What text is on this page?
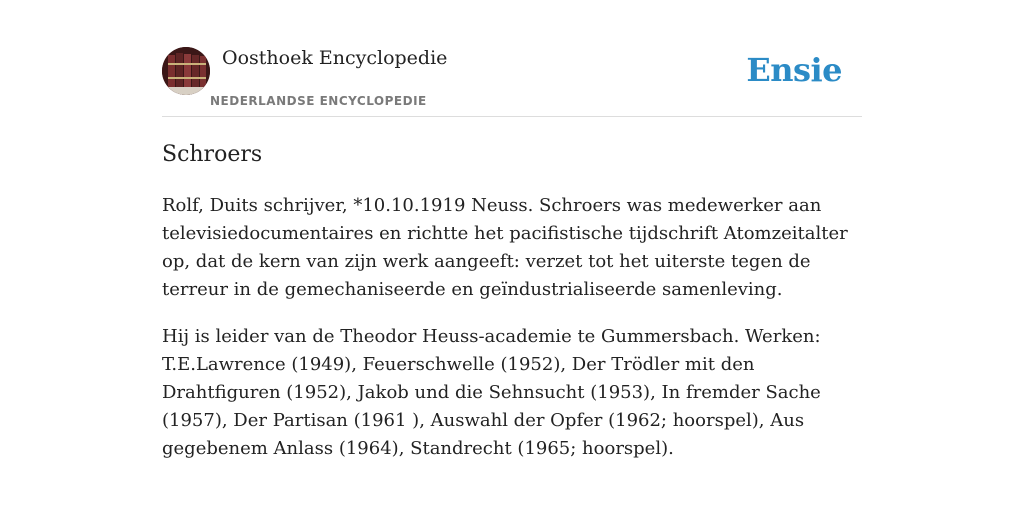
Oosthoek Encyclopedie
NEDERLANDSE ENCYCLOPEDIE
Ensie
Schroers

Rolf, Duits schrijver, *10.10.1919 Neuss. Schroers was medewerker aan televisiedocumentaires en richtte het pacifistische tijdschrift Atomzeitalter op, dat de kern van zijn werk aangeeft: verzet tot het uiterste tegen de terreur in de gemechaniseerde en geïndustrialiseerde samenleving.

Hij is leider van de Theodor Heuss-academie te Gummersbach. Werken: T.E.Lawrence (1949), Feuerschwelle (1952), Der Trödler mit den Drahtfiguren (1952), Jakob und die Sehnsucht (1953), In fremder Sache (1957), Der Partisan (1961 ), Auswahl der Opfer (1962; hoorspel), Aus gegebenem Anlass (1964), Standrecht (1965; hoorspel).
